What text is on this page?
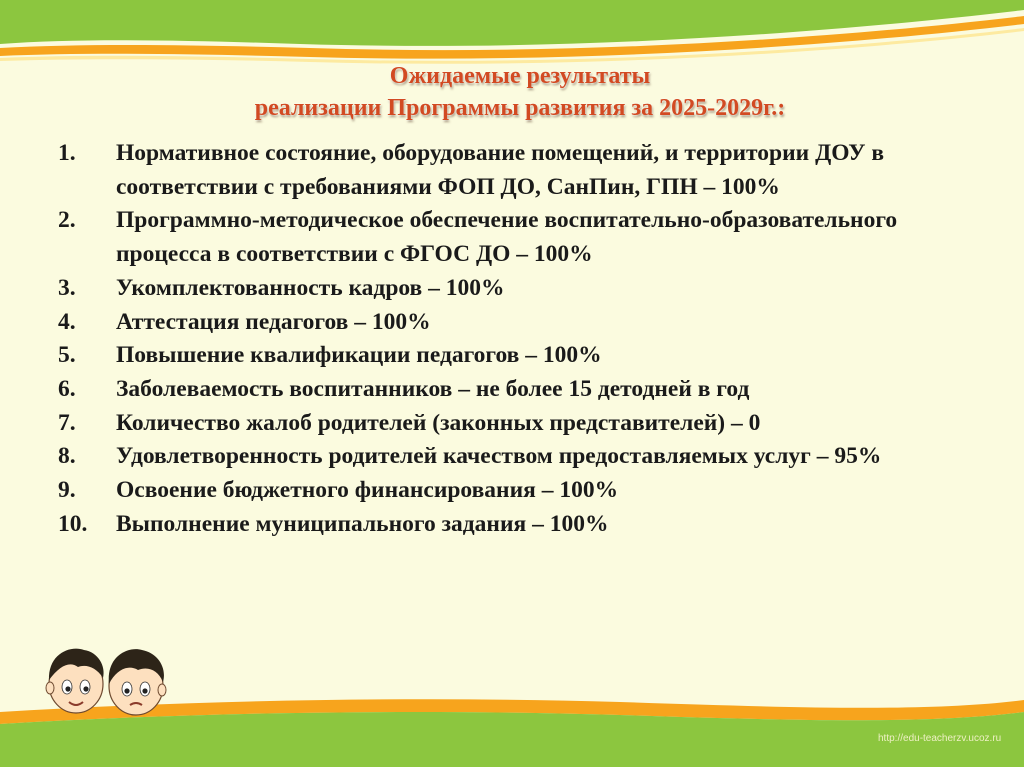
Ожидаемые результаты
реализации Программы развития за 2025-2029г.:
1. Нормативное состояние, оборудование помещений, и территории ДОУ в соответствии с требованиями ФОП ДО, СанПин, ГПН – 100%
2. Программно-методическое обеспечение воспитательно-образовательного процесса в соответствии с ФГОС ДО – 100%
3. Укомплектованность кадров – 100%
4. Аттестация педагогов – 100%
5. Повышение квалификации педагогов – 100%
6. Заболеваемость воспитанников – не более 15 детодней в год
7. Количество жалоб родителей (законных представителей) – 0
8. Удовлетворенность родителей качеством предоставляемых услуг – 95%
9. Освоение бюджетного финансирования – 100%
10. Выполнение муниципального задания – 100%
http://edu-teacherzv.ucoz.ru
